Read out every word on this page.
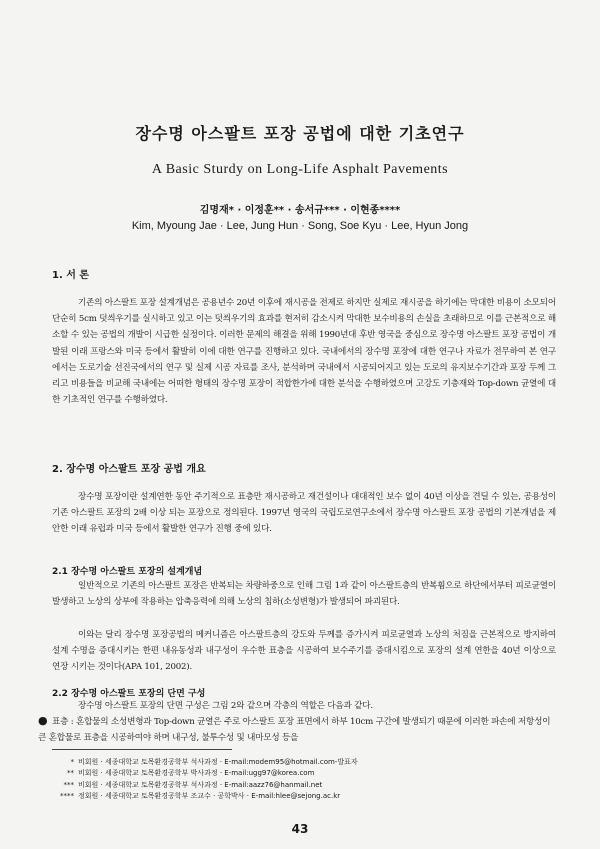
장수명 아스팔트 포장 공법에 대한 기초연구
A Basic Sturdy on Long-Life Asphalt Pavements
김명재* · 이정훈** · 송서규*** · 이현종****
Kim, Myoung Jae · Lee, Jung Hun · Song, Soe Kyu · Lee, Hyun Jong
1. 서 론

기존의 아스팔트 포장 설계개념은 공용년수 20년 이후에 재시공을 전제로 하지만 실제로 재시공을 하기에는 막대한 비용이 소모되어 단순히 5cm 덧씌우기를 실시하고 있고 이는 덧씌우기의 효과를 현저히 감소시켜 막대한 보수비용의 손실을 초래하므로 이를 근본적으로 해소할 수 있는 공법의 개발이 시급한 실정이다. 이러한 문제의 해결을 위해 1990년대 후반 영국을 중심으로 장수명 아스팔트 포장 공법이 개발된 이래 프랑스와 미국 등에서 활발히 이에 대한 연구를 진행하고 있다. 국내에서의 장수명 포장에 대한 연구나 자료가 전무하여 본 연구에서는 도로기술 선진국에서의 연구 및 실제 시공 자료를 조사, 분석하며 국내에서 시공되어지고 있는 도로의 유지보수기간과 포장 두께 그리고 비용들을 비교해 국내에는 어떠한 형태의 장수명 포장이 적합한가에 대한 분석을 수행하였으며 고강도 기층재와 Top-down 균열에 대한 기초적인 연구를 수행하였다.

2. 장수명 아스팔트 포장 공법 개요

장수명 포장이란 설계연한 동안 주기적으로 표층만 재시공하고 재건설이나 대대적인 보수 없이 40년 이상을 견딜 수 있는, 공용성이 기존 아스팔트 포장의 2배 이상 되는 포장으로 정의된다. 1997년 영국의 국립도로연구소에서 장수명 아스팔트 포장 공법의 기본개념을 제안한 이래 유럽과 미국 등에서 활발한 연구가 진행 중에 있다.

2.1 장수명 아스팔트 포장의 설계개념

일반적으로 기존의 아스팔트 포장은 반복되는 차량하중으로 인해 그림 1과 같이 아스팔트층의 반복휨으로 하단에서부터 피로균열이 발생하고 노상의 상부에 작용하는 압축응력에 의해 노상의 침하(소성변형)가 발생되어 파괴된다.

이와는 달리 장수명 포장공법의 메커니즘은 아스팔트층의 강도와 두께를 증가시켜 피로균열과 노상의 처짐을 근본적으로 방지하여 설계 수명을 증대시키는 한편 내유동성과 내구성이 우수한 표층을 시공하여 보수주기를 증대시킴으로 포장의 설계 연한을 40년 이상으로 연장 시키는 것이다(APA 101, 2002).

2.2 장수명 아스팔트 포장의 단면 구성

장수명 아스팔트 포장의 단면 구성은 그림 2와 같으며 각층의 역할은 다음과 같다.

● 표층 : 혼합물의 소성변형과 Top-down 균열은 주로 아스팔트 포장 표면에서 하부 10cm 구간에 발생되기 때문에 이러한 파손에 저항성이 큰 혼합물로 표층을 시공하여야 하며 내구성, 불투수성 및 내마모성 등을
* 비회원 · 세종대학교 토목환경공학부 석사과정 · E-mail:modem95@hotmail.com-발표자
** 비회원 · 세종대학교 토목환경공학부 박사과정 · E-mail:ugg97@korea.com
*** 비회원 · 세종대학교 토목환경공학부 석사과정 · E-mail:aazz76@hanmail.net
**** 정회원 · 세종대학교 토목환경공학부 조교수 · 공학박사 · E-mail:hlee@sejong.ac.kr
43
